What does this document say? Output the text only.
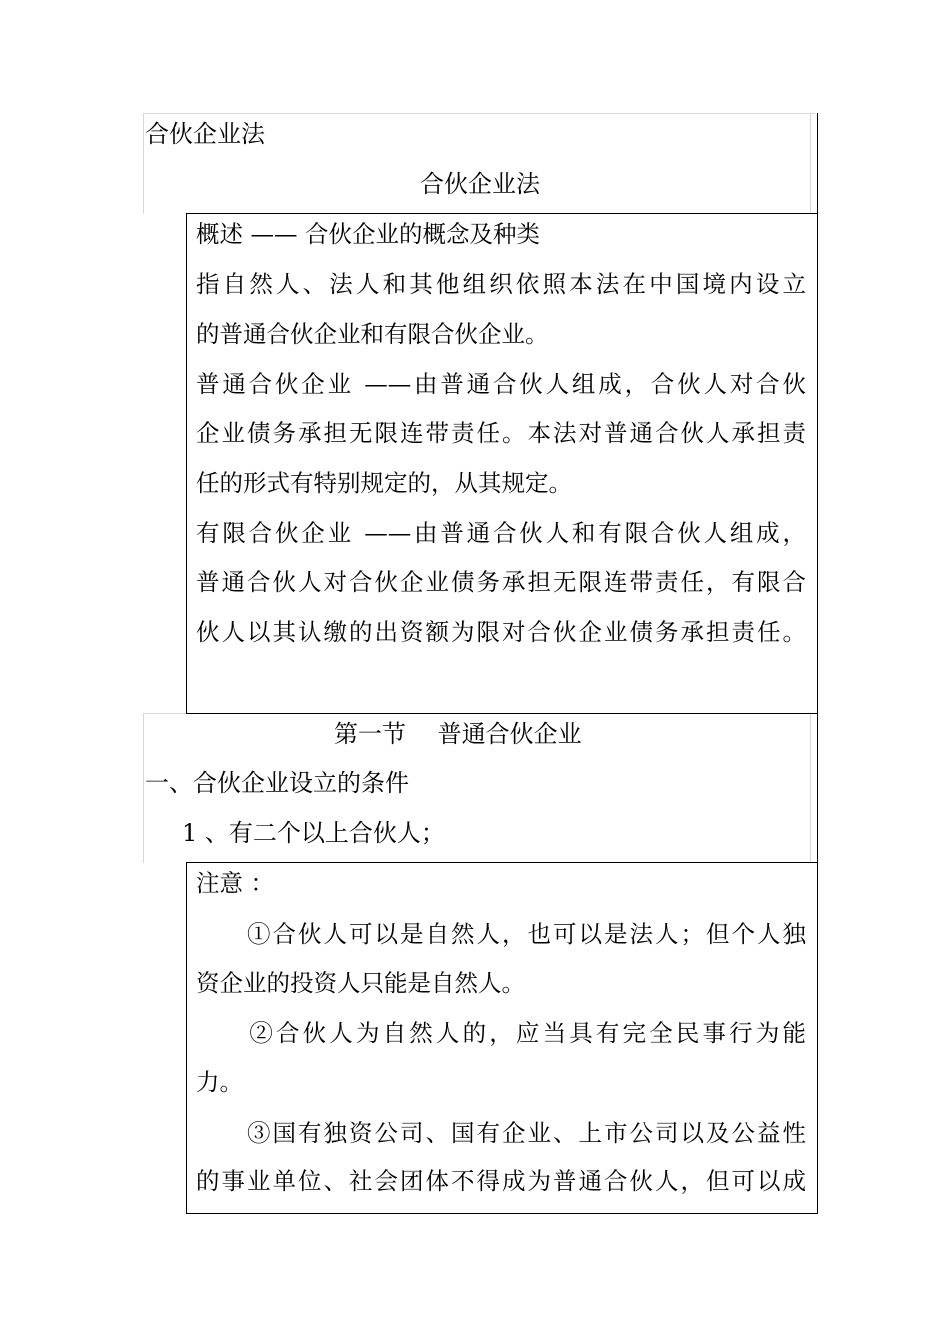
合伙企业法
合伙企业法
概述 —— 合伙企业的概念及种类
指自然人、法人和其他组织依照本法在中国境内设立
的普通合伙企业和有限合伙企业。
普通合伙企业 ——由普通合伙人组成，合伙人对合伙
企业债务承担无限连带责任。本法对普通合伙人承担责
任的形式有特别规定的，从其规定。
有限合伙企业 ——由普通合伙人和有限合伙人组成，
普通合伙人对合伙企业债务承担无限连带责任，有限合
伙人以其认缴的出资额为限对合伙企业债务承担责任。
第一节　 普通合伙企业
一、合伙企业设立的条件
1 、有二个以上合伙人；
注意 ：
　　①合伙人可以是自然人，也可以是法人；但个人独
资企业的投资人只能是自然人。
　　②合伙人为自然人的，应当具有完全民事行为能
力。
　　③国有独资公司、国有企业、上市公司以及公益性
的事业单位、社会团体不得成为普通合伙人，但可以成
